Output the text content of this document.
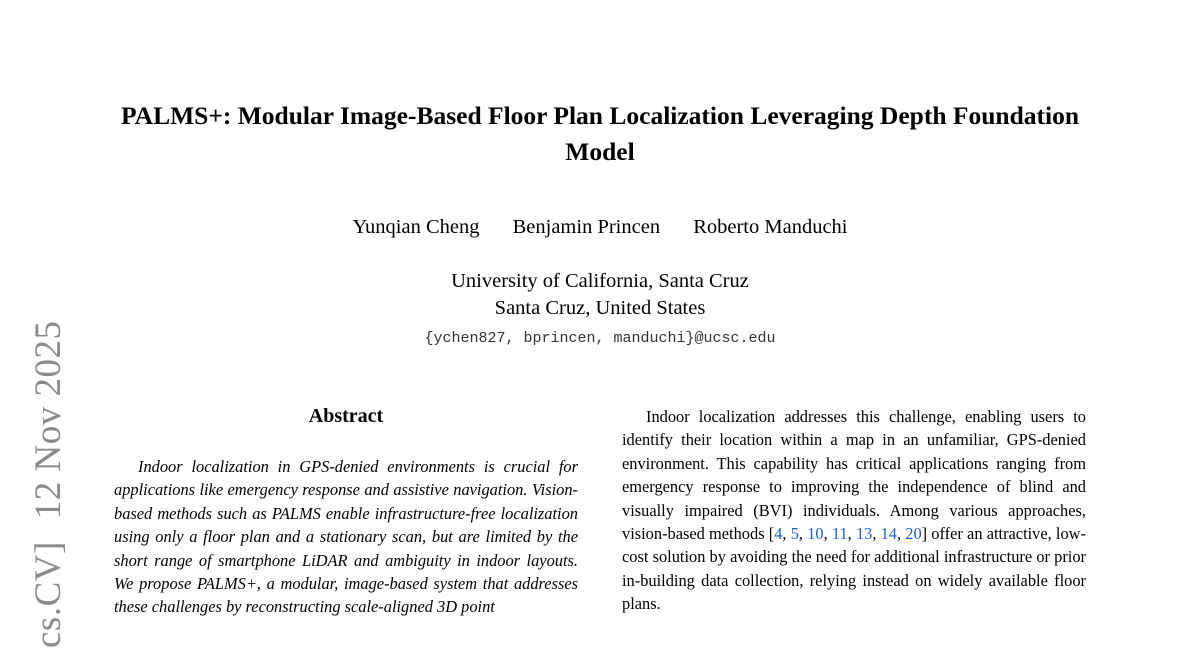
cs.CV]12 Nov 2025
PALMS+: Modular Image-Based Floor Plan Localization Leveraging Depth Foundation Model
Yunqian Cheng Benjamin Princen Roberto Manduchi
University of California, Santa Cruz
Santa Cruz, United States
{ychen827, bprincen, manduchi}@ucsc.edu
Abstract
Indoor localization in GPS-denied environments is crucial for applications like emergency response and assistive navigation. Vision-based methods such as PALMS enable infrastructure-free localization using only a floor plan and a stationary scan, but are limited by the short range of smartphone LiDAR and ambiguity in indoor layouts. We propose PALMS+, a modular, image-based system that addresses these challenges by reconstructing scale-aligned 3D point
Indoor localization addresses this challenge, enabling users to identify their location within a map in an unfamiliar, GPS-denied environment. This capability has critical applications ranging from emergency response to improving the independence of blind and visually impaired (BVI) individuals. Among various approaches, vision-based methods [4, 5, 10, 11, 13, 14, 20] offer an attractive, low-cost solution by avoiding the need for additional infrastructure or prior in-building data collection, relying instead on widely available floor plans.
